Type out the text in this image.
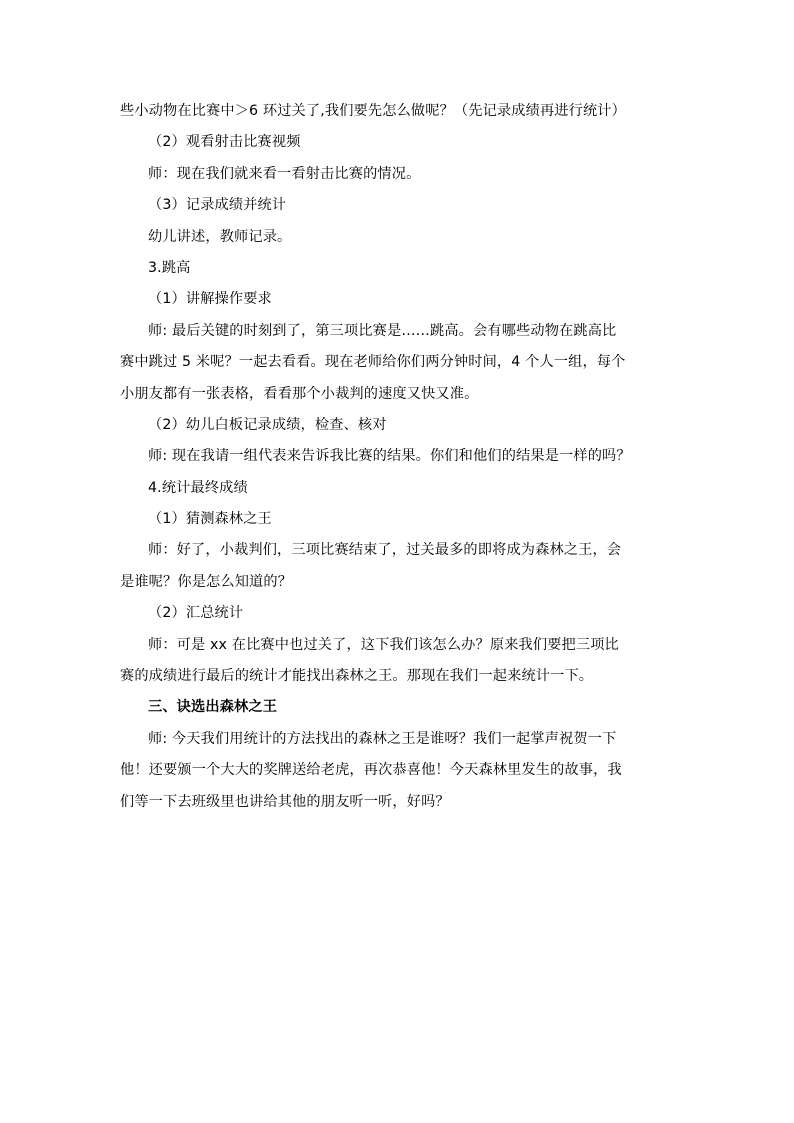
些小动物在比赛中＞6 环过关了,我们要先怎么做呢？（先记录成绩再进行统计）
（2）观看射击比赛视频
师：现在我们就来看一看射击比赛的情况。
（3）记录成绩并统计
幼儿讲述，教师记录。
3.跳高
（1）讲解操作要求
师: 最后关键的时刻到了，第三项比赛是……跳高。会有哪些动物在跳高比
赛中跳过 5 米呢？一起去看看。现在老师给你们两分钟时间，4 个人一组，每个
小朋友都有一张表格，看看那个小裁判的速度又快又准。
（2）幼儿白板记录成绩，检查、核对
师: 现在我请一组代表来告诉我比赛的结果。你们和他们的结果是一样的吗？
4.统计最终成绩
（1）猜测森林之王
师：好了，小裁判们，三项比赛结束了，过关最多的即将成为森林之王，会
是谁呢？你是怎么知道的？
（2）汇总统计
师：可是 xx 在比赛中也过关了，这下我们该怎么办？原来我们要把三项比
赛的成绩进行最后的统计才能找出森林之王。那现在我们一起来统计一下。
三、诀选出森林之王
师: 今天我们用统计的方法找出的森林之王是谁呀？我们一起掌声祝贺一下
他！还要颁一个大大的奖牌送给老虎，再次恭喜他！今天森林里发生的故事，我
们等一下去班级里也讲给其他的朋友听一听，好吗？
